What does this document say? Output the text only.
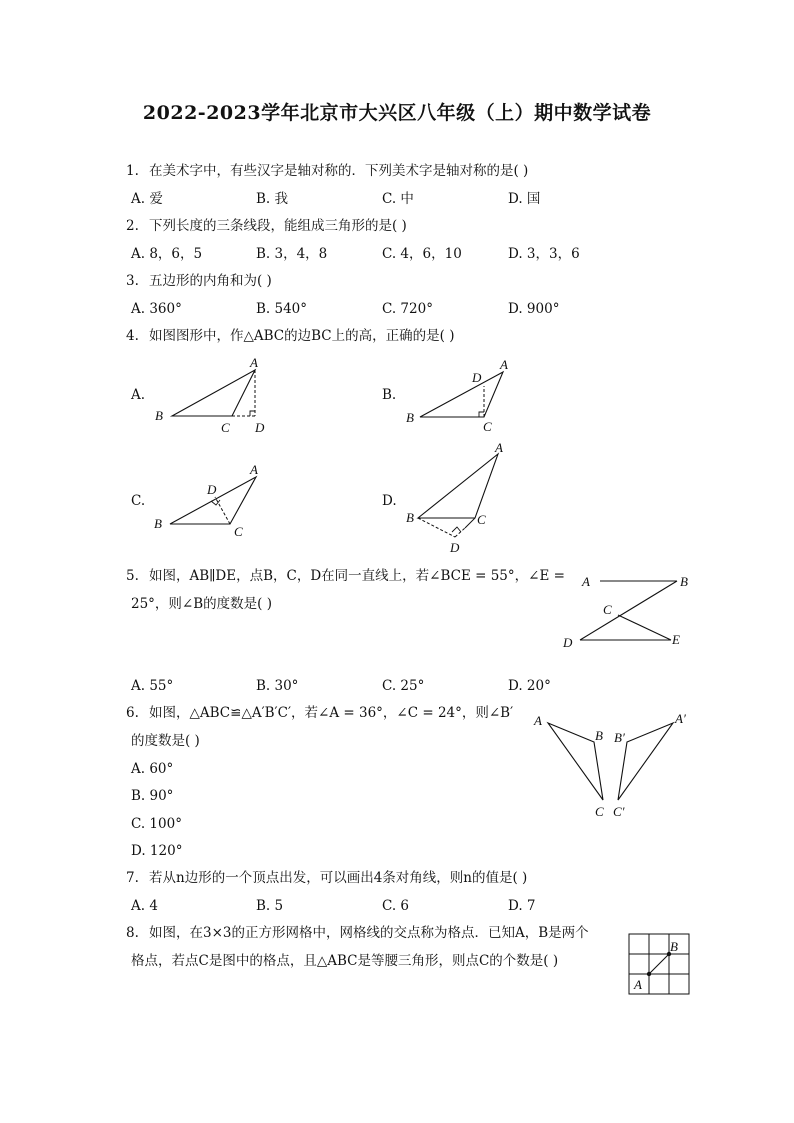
2022-2023学年北京市大兴区八年级（上）期中数学试卷
1. 在美术字中，有些汉字是轴对称的．下列美术字是轴对称的是( )
A. 爱	B. 我	C. 中	D. 国
2. 下列长度的三条线段，能组成三角形的是( )
A. 8，6，5	B. 3，4，8	C. 4，6，10	D. 3，3，6
3. 五边形的内角和为( )
A. 360°	B. 540°	C. 720°	D. 900°
4. 如图图形中，作△ABC的边BC上的高，正确的是( )
A.	B.
C.	D.
A
B
C D
A
B
C
D
A
B
C
D
A
B	C
D
5. 如图，AB∥DE，点B，C，D在同一直线上，若∠BCE = 55°，∠E =
25°，则∠B的度数是( )
A. 55°	B. 30°	C. 25°	D. 20°
A	B
C
D	E
6. 如图，△ABC≌△A′B′C′，若∠A = 36°，∠C = 24°，则∠B′
的度数是( )
A. 60°
B. 90°
C. 100°
D. 120°
A
B
C
A′
B′
C′
7. 若从n边形的一个顶点出发，可以画出4条对角线，则n的值是( )
A. 4	B. 5	C. 6	D. 7
8. 如图，在3×3的正方形网格中，网格线的交点称为格点．已知A，B是两个
格点，若点C是图中的格点，且△ABC是等腰三角形，则点C的个数是( )
B
A
